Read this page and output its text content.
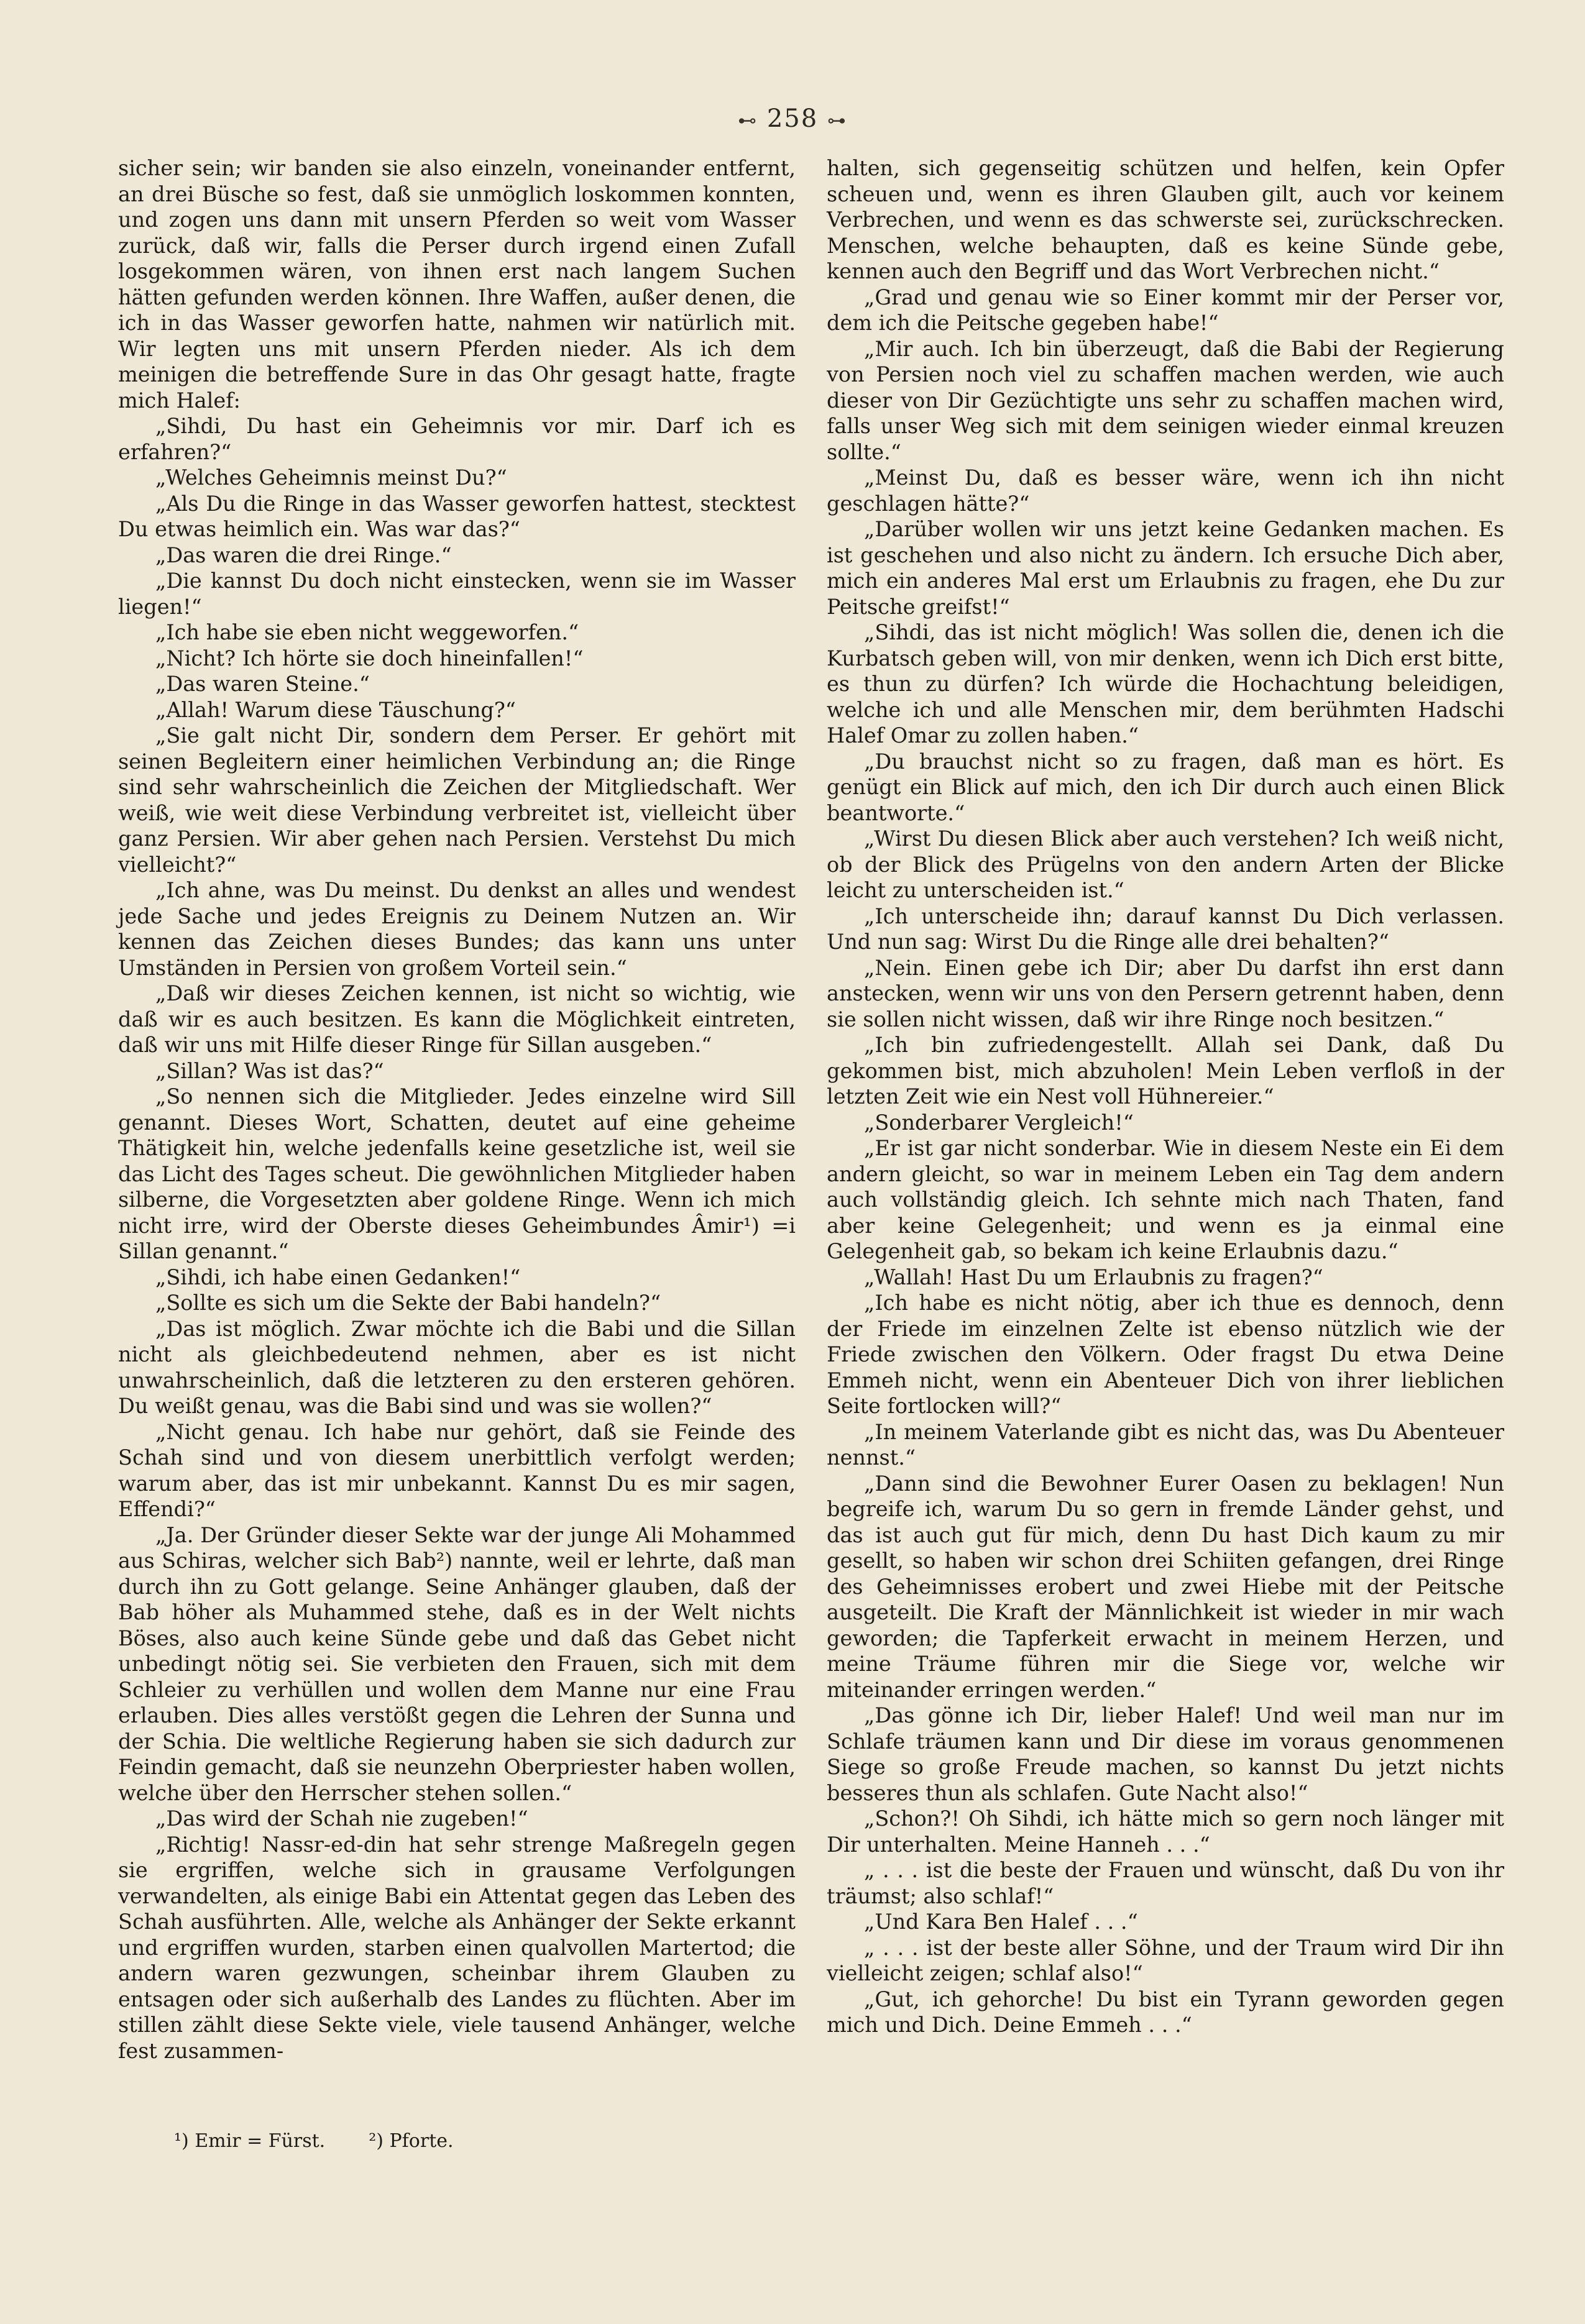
⊷ 258 ⊶

sicher sein; wir banden sie also einzeln, voneinander entfernt, an drei Büsche so fest, daß sie unmöglich loskommen konnten, und zogen uns dann mit unsern Pferden so weit vom Wasser zurück, daß wir, falls die Perser durch irgend einen Zufall losgekommen wären, von ihnen erst nach langem Suchen hätten gefunden werden können. Ihre Waffen, außer denen, die ich in das Wasser geworfen hatte, nahmen wir natürlich mit. Wir legten uns mit unsern Pferden nieder. Als ich dem meinigen die betreffende Sure in das Ohr gesagt hatte, fragte mich Halef:

„Sihdi, Du hast ein Geheimnis vor mir. Darf ich es erfahren?“

„Welches Geheimnis meinst Du?“

„Als Du die Ringe in das Wasser geworfen hattest, stecktest Du etwas heimlich ein. Was war das?“

„Das waren die drei Ringe.“

„Die kannst Du doch nicht einstecken, wenn sie im Wasser liegen!“

„Ich habe sie eben nicht weggeworfen.“

„Nicht? Ich hörte sie doch hineinfallen!“

„Das waren Steine.“

„Allah! Warum diese Täuschung?“

„Sie galt nicht Dir, sondern dem Perser. Er gehört mit seinen Begleitern einer heimlichen Verbindung an; die Ringe sind sehr wahrscheinlich die Zeichen der Mitgliedschaft. Wer weiß, wie weit diese Verbindung verbreitet ist, vielleicht über ganz Persien. Wir aber gehen nach Persien. Verstehst Du mich vielleicht?“

„Ich ahne, was Du meinst. Du denkst an alles und wendest jede Sache und jedes Ereignis zu Deinem Nutzen an. Wir kennen das Zeichen dieses Bundes; das kann uns unter Umständen in Persien von großem Vorteil sein.“

„Daß wir dieses Zeichen kennen, ist nicht so wichtig, wie daß wir es auch besitzen. Es kann die Möglichkeit eintreten, daß wir uns mit Hilfe dieser Ringe für Sillan ausgeben.“

„Sillan? Was ist das?“

„So nennen sich die Mitglieder. Jedes einzelne wird Sill genannt. Dieses Wort, Schatten, deutet auf eine geheime Thätigkeit hin, welche jedenfalls keine gesetzliche ist, weil sie das Licht des Tages scheut. Die gewöhnlichen Mitglieder haben silberne, die Vorgesetzten aber goldene Ringe. Wenn ich mich nicht irre, wird der Oberste dieses Geheimbundes Âmir¹) =i Sillan genannt.“

„Sihdi, ich habe einen Gedanken!“

„Sollte es sich um die Sekte der Babi handeln?“

„Das ist möglich. Zwar möchte ich die Babi und die Sillan nicht als gleichbedeutend nehmen, aber es ist nicht unwahrscheinlich, daß die letzteren zu den ersteren gehören. Du weißt genau, was die Babi sind und was sie wollen?“

„Nicht genau. Ich habe nur gehört, daß sie Feinde des Schah sind und von diesem unerbittlich verfolgt werden; warum aber, das ist mir unbekannt. Kannst Du es mir sagen, Effendi?“

„Ja. Der Gründer dieser Sekte war der junge Ali Mohammed aus Schiras, welcher sich Bab²) nannte, weil er lehrte, daß man durch ihn zu Gott gelange. Seine Anhänger glauben, daß der Bab höher als Muhammed stehe, daß es in der Welt nichts Böses, also auch keine Sünde gebe und daß das Gebet nicht unbedingt nötig sei. Sie verbieten den Frauen, sich mit dem Schleier zu verhüllen und wollen dem Manne nur eine Frau erlauben. Dies alles verstößt gegen die Lehren der Sunna und der Schia. Die weltliche Regierung haben sie sich dadurch zur Feindin gemacht, daß sie neunzehn Oberpriester haben wollen, welche über den Herrscher stehen sollen.“

„Das wird der Schah nie zugeben!“

„Richtig! Nassr-ed-din hat sehr strenge Maßregeln gegen sie ergriffen, welche sich in grausame Verfolgungen verwandelten, als einige Babi ein Attentat gegen das Leben des Schah ausführten. Alle, welche als Anhänger der Sekte erkannt und ergriffen wurden, starben einen qualvollen Martertod; die andern waren gezwungen, scheinbar ihrem Glauben zu entsagen oder sich außerhalb des Landes zu flüchten. Aber im stillen zählt diese Sekte viele, viele tausend Anhänger, welche fest zusammen-

halten, sich gegenseitig schützen und helfen, kein Opfer scheuen und, wenn es ihren Glauben gilt, auch vor keinem Verbrechen, und wenn es das schwerste sei, zurückschrecken. Menschen, welche behaupten, daß es keine Sünde gebe, kennen auch den Begriff und das Wort Verbrechen nicht.“

„Grad und genau wie so Einer kommt mir der Perser vor, dem ich die Peitsche gegeben habe!“

„Mir auch. Ich bin überzeugt, daß die Babi der Regierung von Persien noch viel zu schaffen machen werden, wie auch dieser von Dir Gezüchtigte uns sehr zu schaffen machen wird, falls unser Weg sich mit dem seinigen wieder einmal kreuzen sollte.“

„Meinst Du, daß es besser wäre, wenn ich ihn nicht geschlagen hätte?“

„Darüber wollen wir uns jetzt keine Gedanken machen. Es ist geschehen und also nicht zu ändern. Ich ersuche Dich aber, mich ein anderes Mal erst um Erlaubnis zu fragen, ehe Du zur Peitsche greifst!“

„Sihdi, das ist nicht möglich! Was sollen die, denen ich die Kurbatsch geben will, von mir denken, wenn ich Dich erst bitte, es thun zu dürfen? Ich würde die Hochachtung beleidigen, welche ich und alle Menschen mir, dem berühmten Hadschi Halef Omar zu zollen haben.“

„Du brauchst nicht so zu fragen, daß man es hört. Es genügt ein Blick auf mich, den ich Dir durch auch einen Blick beantworte.“

„Wirst Du diesen Blick aber auch verstehen? Ich weiß nicht, ob der Blick des Prügelns von den andern Arten der Blicke leicht zu unterscheiden ist.“

„Ich unterscheide ihn; darauf kannst Du Dich verlassen. Und nun sag: Wirst Du die Ringe alle drei behalten?“

„Nein. Einen gebe ich Dir; aber Du darfst ihn erst dann anstecken, wenn wir uns von den Persern getrennt haben, denn sie sollen nicht wissen, daß wir ihre Ringe noch besitzen.“

„Ich bin zufriedengestellt. Allah sei Dank, daß Du gekommen bist, mich abzuholen! Mein Leben verfloß in der letzten Zeit wie ein Nest voll Hühnereier.“

„Sonderbarer Vergleich!“

„Er ist gar nicht sonderbar. Wie in diesem Neste ein Ei dem andern gleicht, so war in meinem Leben ein Tag dem andern auch vollständig gleich. Ich sehnte mich nach Thaten, fand aber keine Gelegenheit; und wenn es ja einmal eine Gelegenheit gab, so bekam ich keine Erlaubnis dazu.“

„Wallah! Hast Du um Erlaubnis zu fragen?“

„Ich habe es nicht nötig, aber ich thue es dennoch, denn der Friede im einzelnen Zelte ist ebenso nützlich wie der Friede zwischen den Völkern. Oder fragst Du etwa Deine Emmeh nicht, wenn ein Abenteuer Dich von ihrer lieblichen Seite fortlocken will?“

„In meinem Vaterlande gibt es nicht das, was Du Abenteuer nennst.“

„Dann sind die Bewohner Eurer Oasen zu beklagen! Nun begreife ich, warum Du so gern in fremde Länder gehst, und das ist auch gut für mich, denn Du hast Dich kaum zu mir gesellt, so haben wir schon drei Schiiten gefangen, drei Ringe des Geheimnisses erobert und zwei Hiebe mit der Peitsche ausgeteilt. Die Kraft der Männlichkeit ist wieder in mir wach geworden; die Tapferkeit erwacht in meinem Herzen, und meine Träume führen mir die Siege vor, welche wir miteinander erringen werden.“

„Das gönne ich Dir, lieber Halef! Und weil man nur im Schlafe träumen kann und Dir diese im voraus genommenen Siege so große Freude machen, so kannst Du jetzt nichts besseres thun als schlafen. Gute Nacht also!“

„Schon?! Oh Sihdi, ich hätte mich so gern noch länger mit Dir unterhalten. Meine Hanneh . . .“

„ . . . ist die beste der Frauen und wünscht, daß Du von ihr träumst; also schlaf!“

„Und Kara Ben Halef . . .“

„ . . . ist der beste aller Söhne, und der Traum wird Dir ihn vielleicht zeigen; schlaf also!“

„Gut, ich gehorche! Du bist ein Tyrann geworden gegen mich und Dich. Deine Emmeh . . .“

¹) Emir = Fürst. ²) Pforte.
